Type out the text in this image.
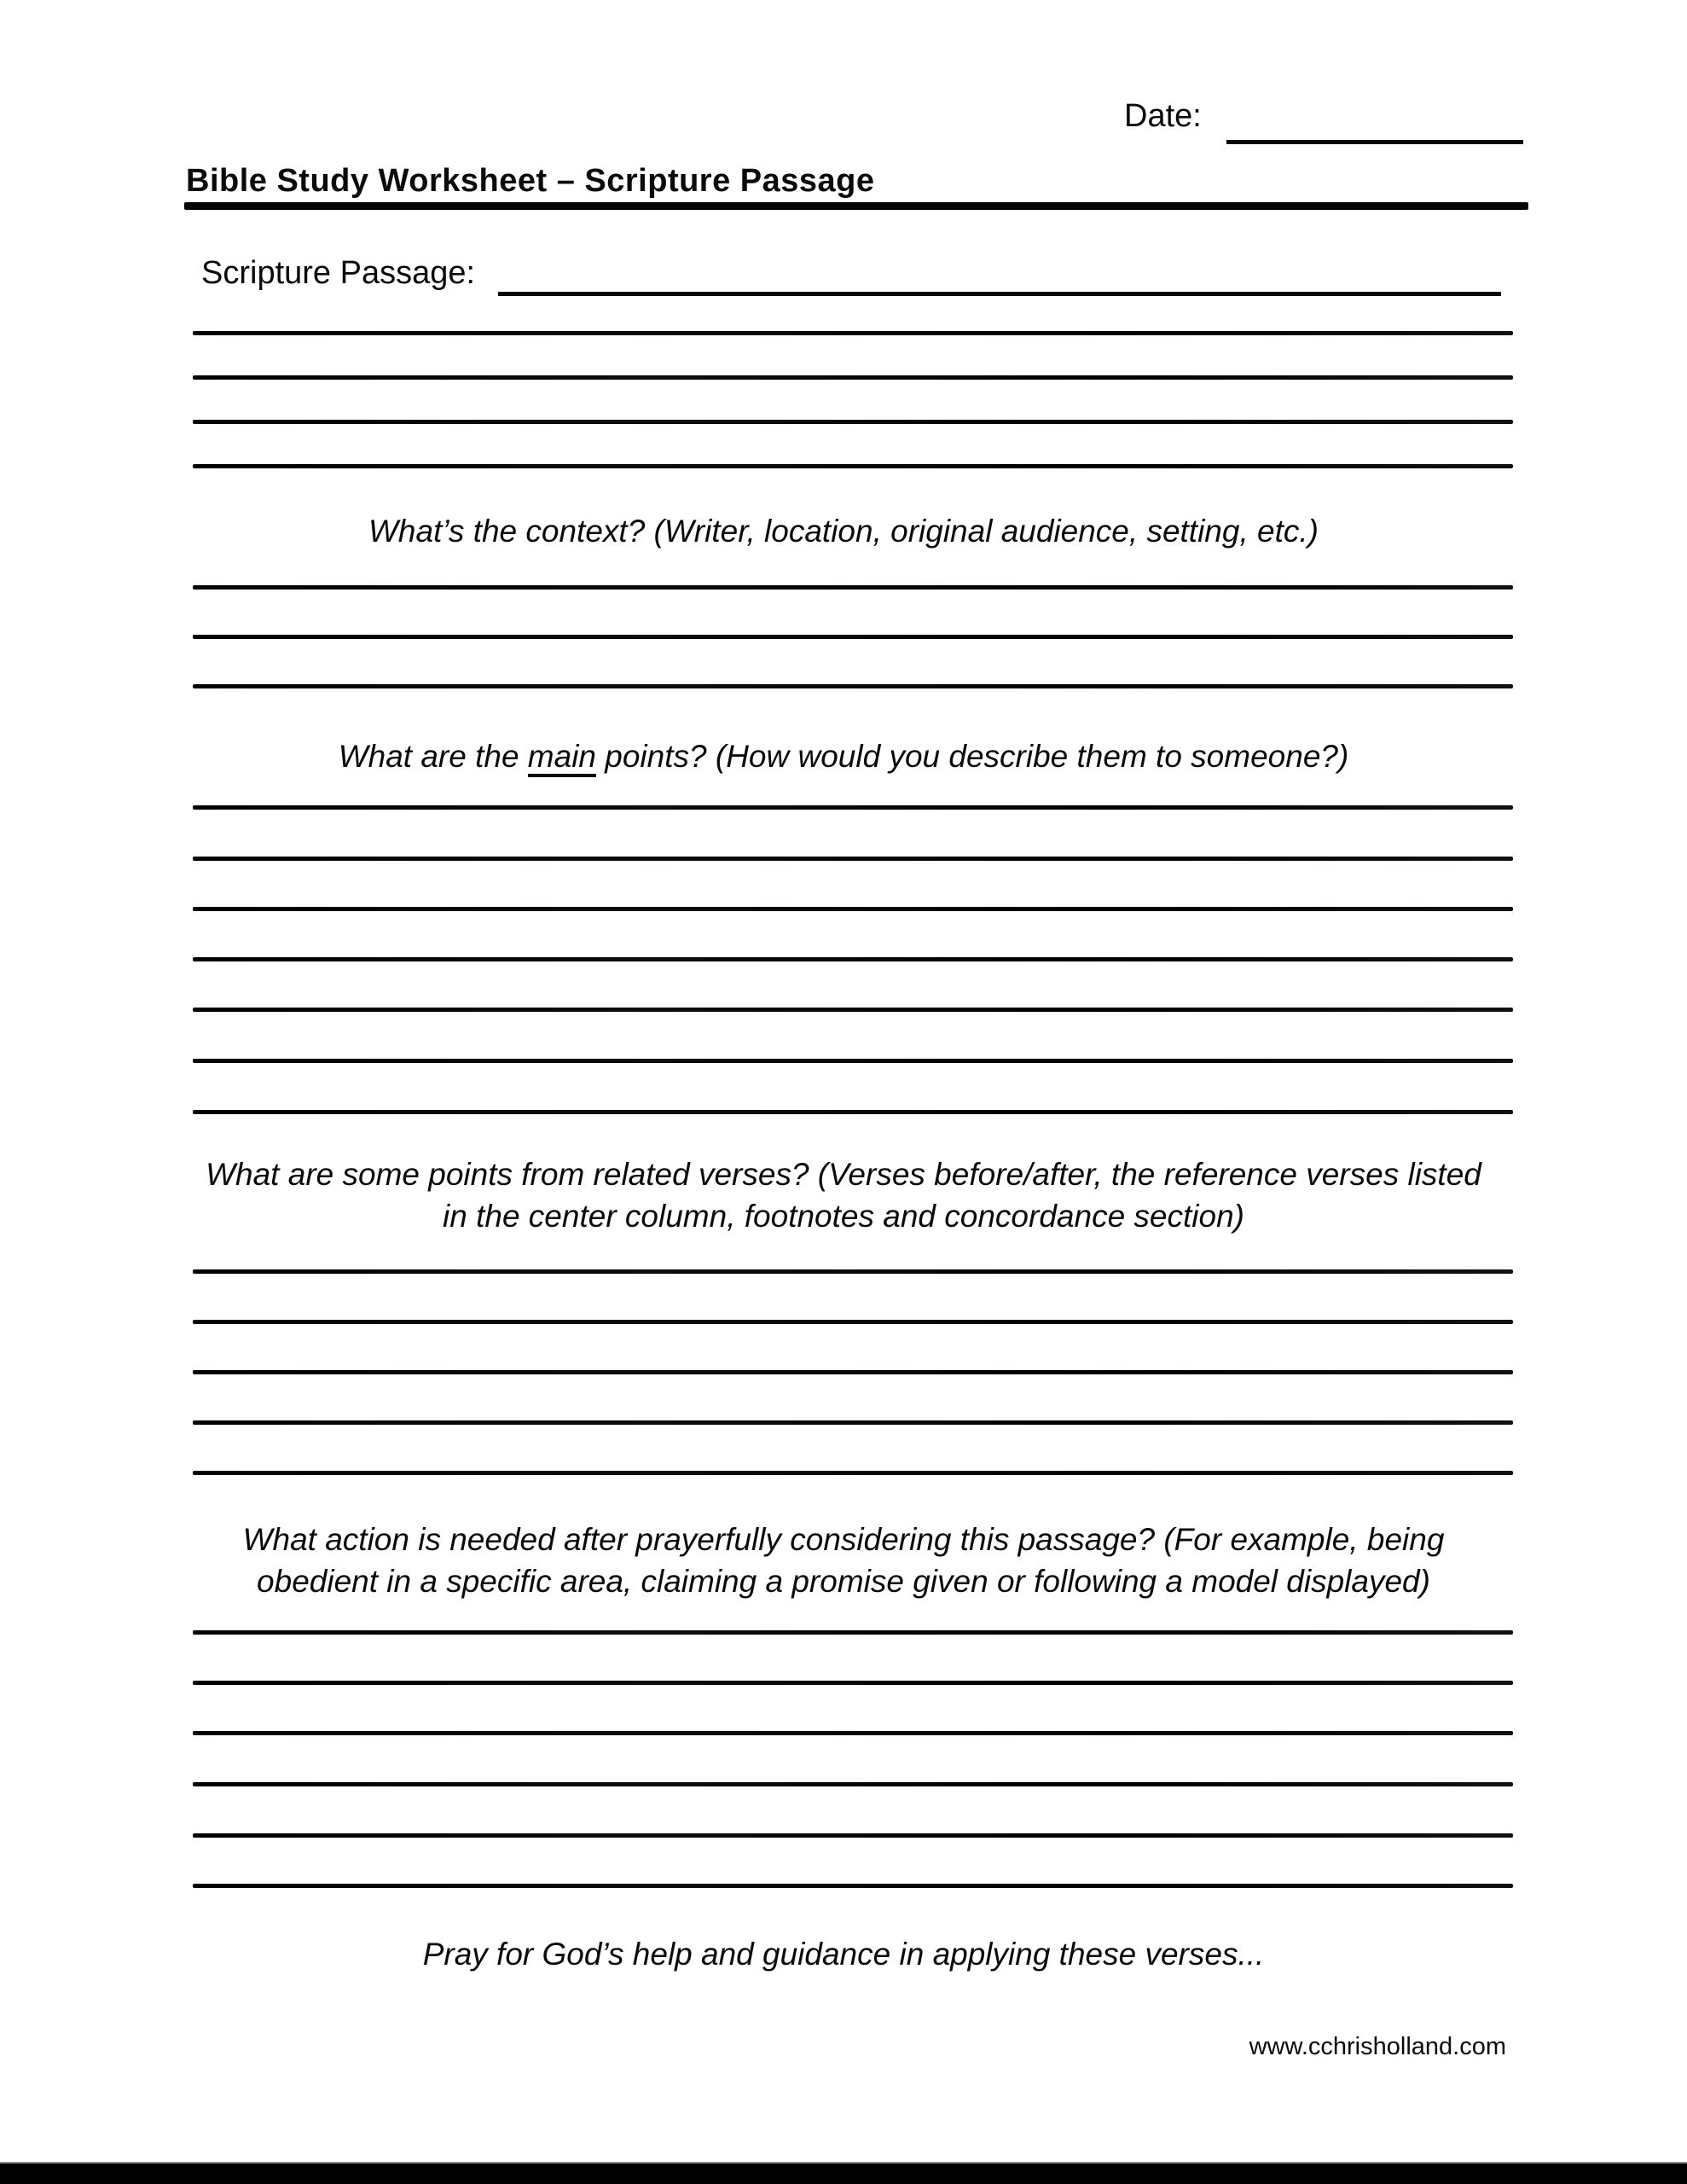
Date:
Bible Study Worksheet – Scripture Passage
Scripture Passage:
What’s the context? (Writer, location, original audience, setting, etc.)
What are the main points? (How would you describe them to someone?)
What are some points from related verses? (Verses before/after, the reference verses listed in the center column, footnotes and concordance section)
What action is needed after prayerfully considering this passage? (For example, being obedient in a specific area, claiming a promise given or following a model displayed)
Pray for God’s help and guidance in applying these verses...
www.cchrisholland.com
